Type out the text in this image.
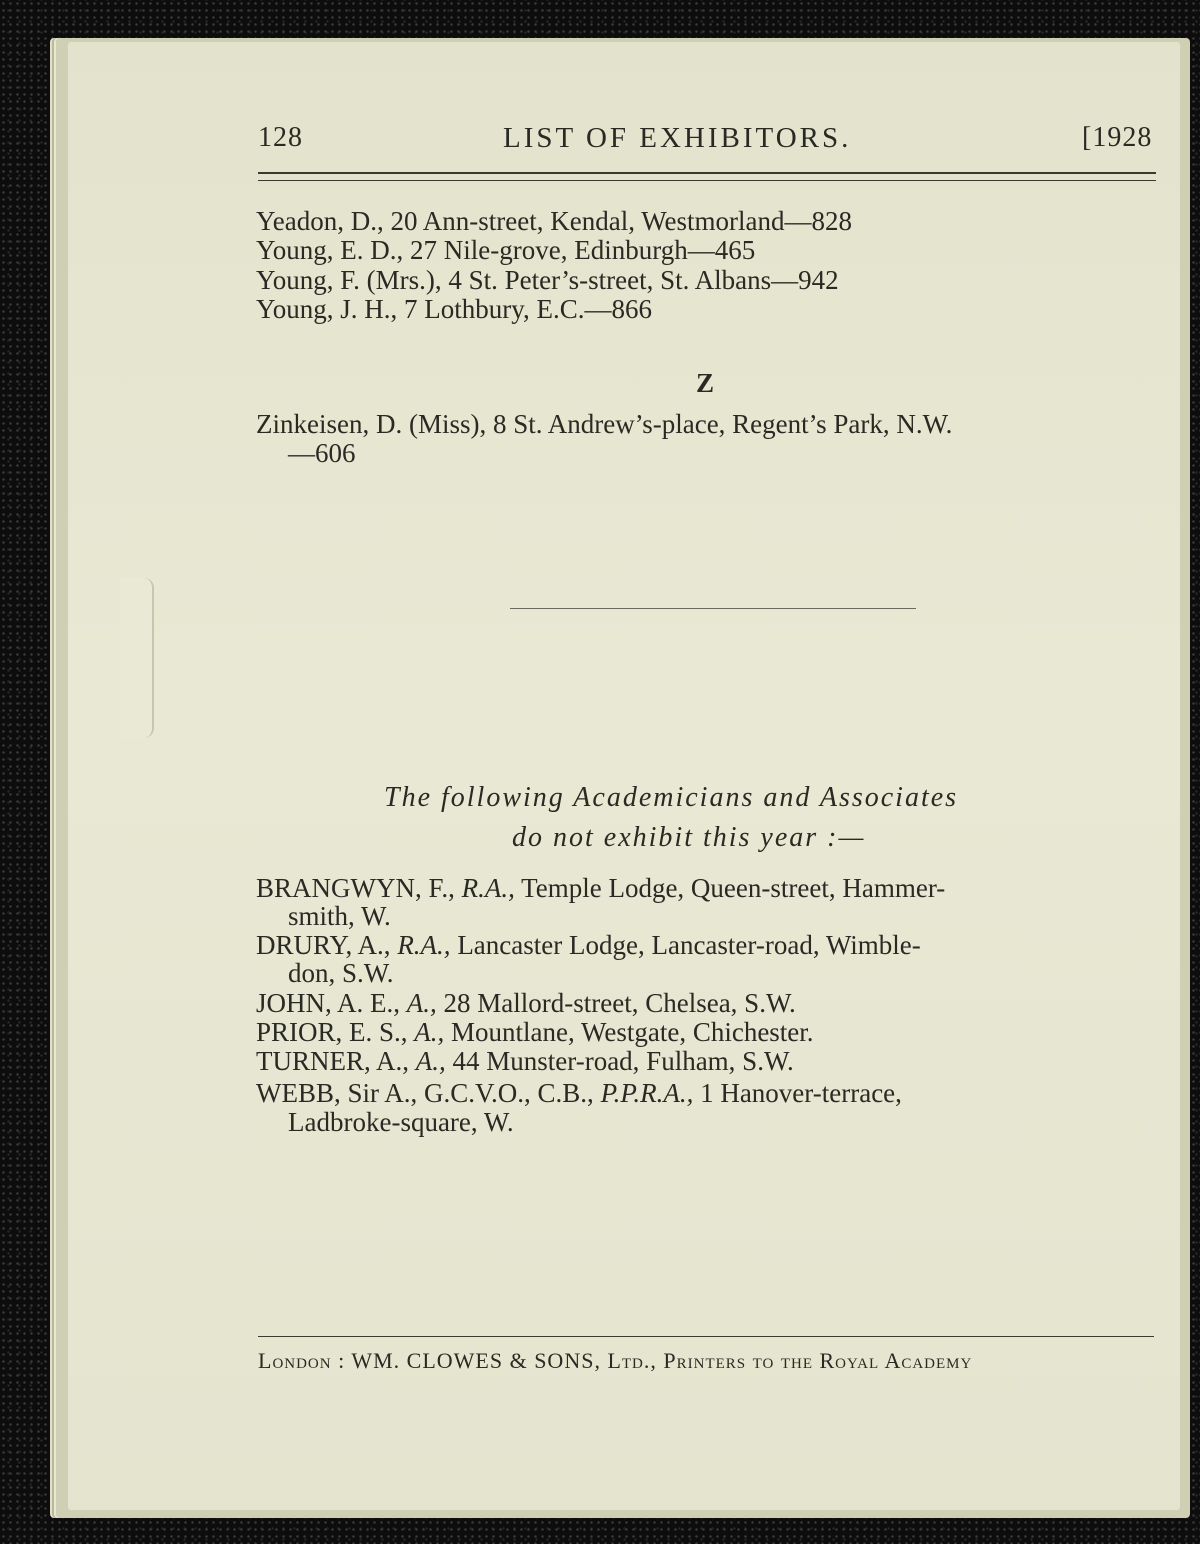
128	LIST OF EXHIBITORS.	[1928

Yeadon, D., 20 Ann-street, Kendal, Westmorland—828

Young, E. D., 27 Nile-grove, Edinburgh—465

Young, F. (Mrs.), 4 St. Peter’s-street, St. Albans—942

Young, J. H., 7 Lothbury, E.C.—866

Z

Zinkeisen, D. (Miss), 8 St. Andrew’s-place, Regent’s Park, N.W.

—606

The following Academicians and Associates

do not exhibit this year :—

BRANGWYN, F., R.A., Temple Lodge, Queen-street, Hammer-

smith, W.

DRURY, A., R.A., Lancaster Lodge, Lancaster-road, Wimble-

don, S.W.

JOHN, A. E., A., 28 Mallord-street, Chelsea, S.W.

PRIOR, E. S., A., Mountlane, Westgate, Chichester.

TURNER, A., A., 44 Munster-road, Fulham, S.W.

WEBB, Sir A., G.C.V.O., C.B., P.P.R.A., 1 Hanover-terrace,

Ladbroke-square, W.

London : WM. CLOWES & SONS, Ltd., Printers to the Royal Academy
